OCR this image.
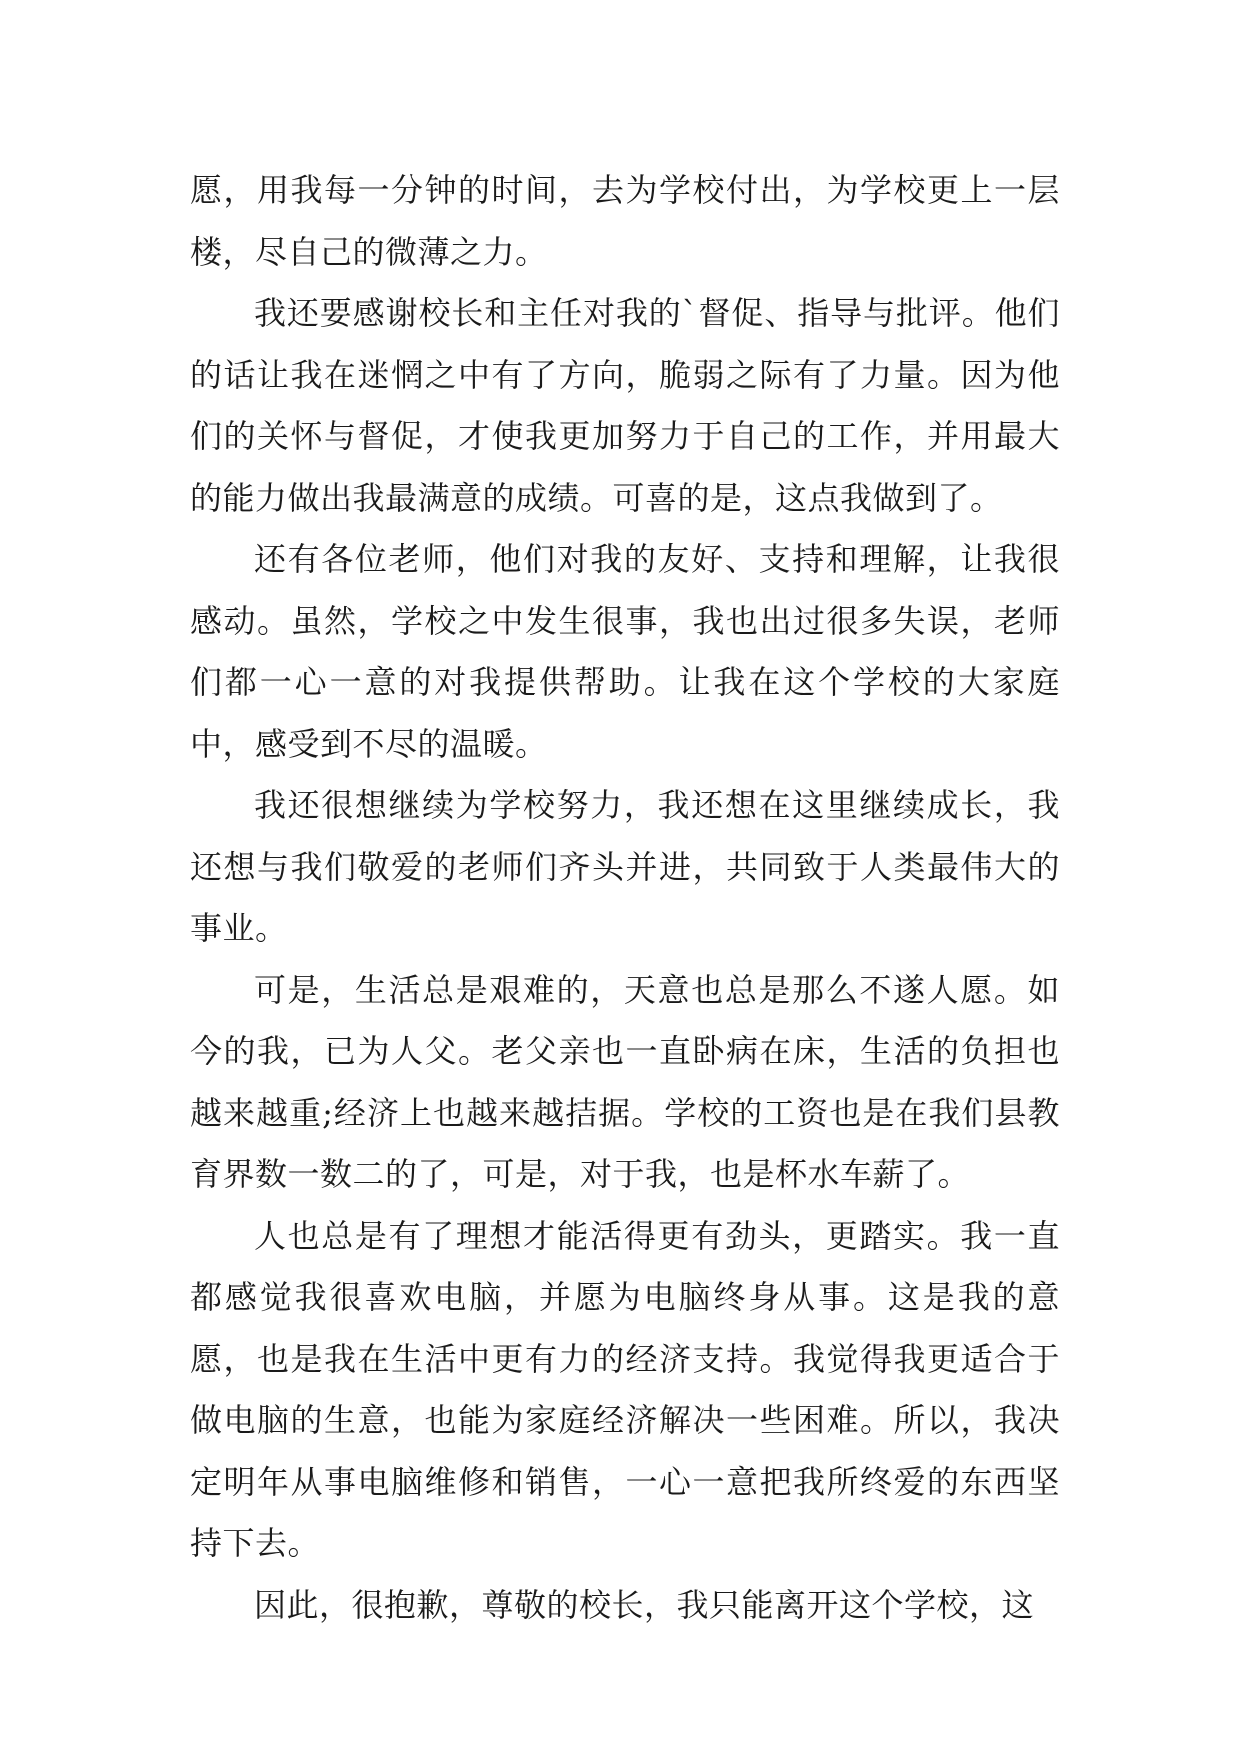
愿，用我每一分钟的时间，去为学校付出，为学校更上一层楼，尽自己的微薄之力。

我还要感谢校长和主任对我的`督促、指导与批评。他们的话让我在迷惘之中有了方向，脆弱之际有了力量。因为他们的关怀与督促，才使我更加努力于自己的工作，并用最大的能力做出我最满意的成绩。可喜的是，这点我做到了。

还有各位老师，他们对我的友好、支持和理解，让我很感动。虽然，学校之中发生很事，我也出过很多失误，老师们都一心一意的对我提供帮助。让我在这个学校的大家庭中，感受到不尽的温暖。

我还很想继续为学校努力，我还想在这里继续成长，我还想与我们敬爱的老师们齐头并进，共同致于人类最伟大的事业。

可是，生活总是艰难的，天意也总是那么不遂人愿。如今的我，已为人父。老父亲也一直卧病在床，生活的负担也越来越重;经济上也越来越拮据。学校的工资也是在我们县教育界数一数二的了，可是，对于我，也是杯水车薪了。

人也总是有了理想才能活得更有劲头，更踏实。我一直都感觉我很喜欢电脑，并愿为电脑终身从事。这是我的意愿，也是我在生活中更有力的经济支持。我觉得我更适合于做电脑的生意，也能为家庭经济解决一些困难。所以，我决定明年从事电脑维修和销售，一心一意把我所终爱的东西坚持下去。

因此，很抱歉，尊敬的校长，我只能离开这个学校，这
